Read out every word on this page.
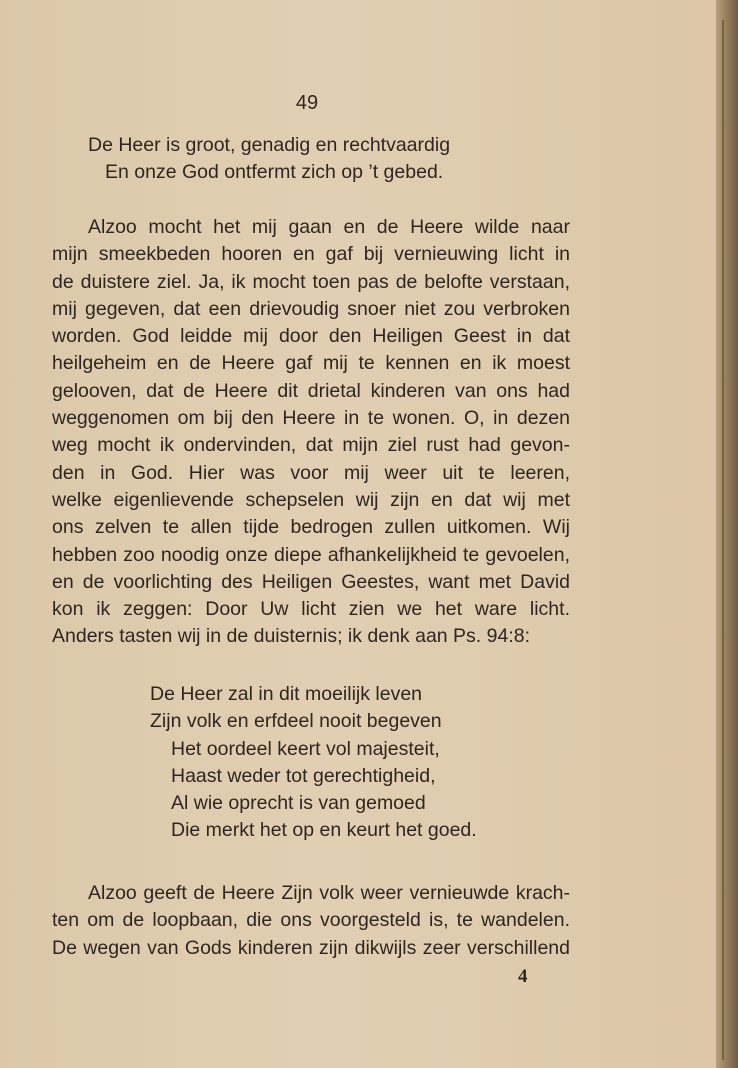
49
De Heer is groot, genadig en rechtvaardig
En onze God ontfermt zich op ’t gebed.
Alzoo mocht het mij gaan en de Heere wilde naar
mijn smeekbeden hooren en gaf bij vernieuwing licht in
de duistere ziel. Ja, ik mocht toen pas de belofte verstaan,
mij gegeven, dat een drievoudig snoer niet zou verbroken
worden. God leidde mij door den Heiligen Geest in dat
heilgeheim en de Heere gaf mij te kennen en ik moest
gelooven, dat de Heere dit drietal kinderen van ons had
weggenomen om bij den Heere in te wonen. O, in dezen
weg mocht ik ondervinden, dat mijn ziel rust had gevon-
den in God. Hier was voor mij weer uit te leeren,
welke eigenlievende schepselen wij zijn en dat wij met
ons zelven te allen tijde bedrogen zullen uitkomen. Wij
hebben zoo noodig onze diepe afhankelijkheid te gevoelen,
en de voorlichting des Heiligen Geestes, want met David
kon ik zeggen: Door Uw licht zien we het ware licht.
Anders tasten wij in de duisternis; ik denk aan Ps. 94:8:
De Heer zal in dit moeilijk leven
Zijn volk en erfdeel nooit begeven
Het oordeel keert vol majesteit,
Haast weder tot gerechtigheid,
Al wie oprecht is van gemoed
Die merkt het op en keurt het goed.
Alzoo geeft de Heere Zijn volk weer vernieuwde krach-
ten om de loopbaan, die ons voorgesteld is, te wandelen.
De wegen van Gods kinderen zijn dikwijls zeer verschillend
4
